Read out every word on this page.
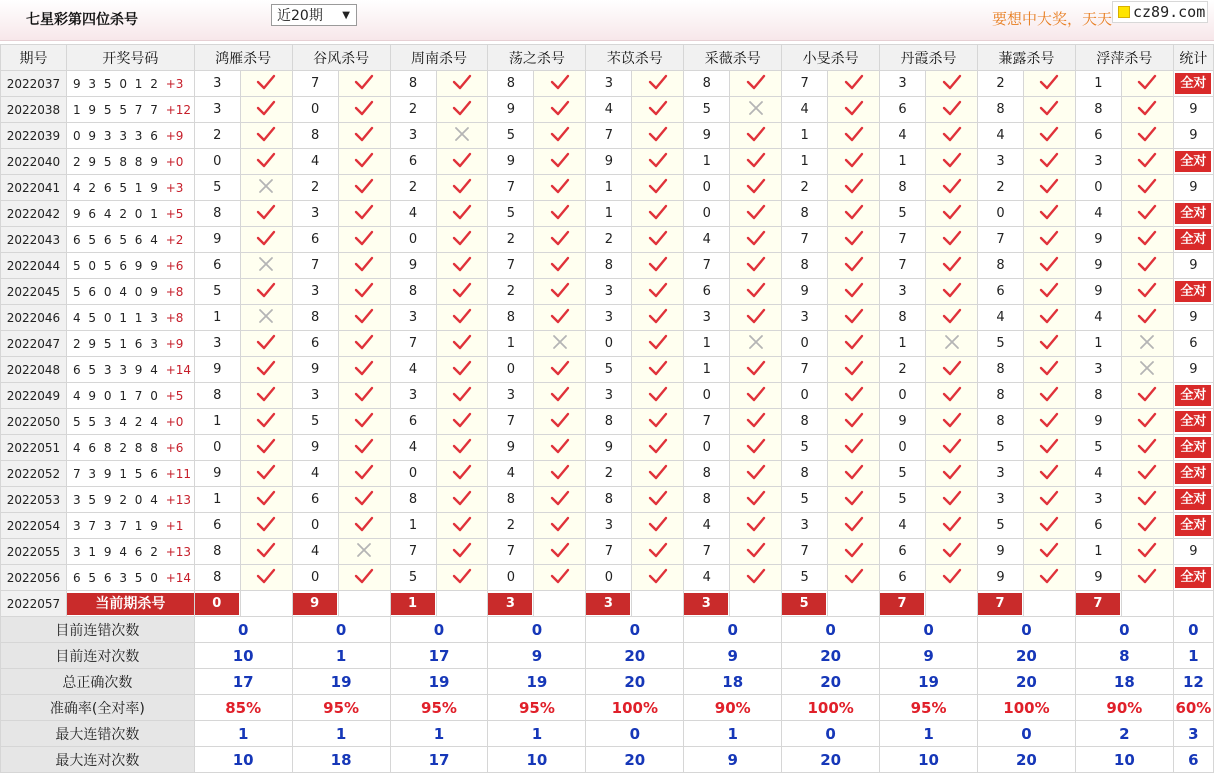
七星彩第四位杀号	近20期 ▼	要想中大奖，天天	cz89.com
期号	开奖号码	鸿雁杀号		谷风杀号		周南杀号		荡之杀号		芣苡杀号		采薇杀号		小旻杀号		丹霞杀号		蒹露杀号		浮萍杀号		统计
2022037	9 3 5 0 1 2 +3	3		7		8		8		3		8		7		3		2		1		全对
2022038	1 9 5 5 7 7 +12	3		0		2		9		4		5		4		6		8		8		9
2022039	0 9 3 3 3 6 +9	2		8		3		5		7		9		1		4		4		6		9
2022040	2 9 5 8 8 9 +0	0		4		6		9		9		1		1		1		3		3		全对
2022041	4 2 6 5 1 9 +3	5		2		2		7		1		0		2		8		2		0		9
2022042	9 6 4 2 0 1 +5	8		3		4		5		1		0		8		5		0		4		全对
2022043	6 5 6 5 6 4 +2	9		6		0		2		2		4		7		7		7		9		全对
2022044	5 0 5 6 9 9 +6	6		7		9		7		8		7		8		7		8		9		9
2022045	5 6 0 4 0 9 +8	5		3		8		2		3		6		9		3		6		9		全对
2022046	4 5 0 1 1 3 +8	1		8		3		8		3		3		3		8		4		4		9
2022047	2 9 5 1 6 3 +9	3		6		7		1		0		1		0		1		5		1		6
2022048	6 5 3 3 9 4 +14	9		9		4		0		5		1		7		2		8		3		9
2022049	4 9 0 1 7 0 +5	8		3		3		3		3		0		0		0		8		8		全对
2022050	5 5 3 4 2 4 +0	1		5		6		7		8		7		8		9		8		9		全对
2022051	4 6 8 2 8 8 +6	0		9		4		9		9		0		5		0		5		5		全对
2022052	7 3 9 1 5 6 +11	9		4		0		4		2		8		8		5		3		4		全对
2022053	3 5 9 2 0 4 +13	1		6		8		8		8		8		5		5		3		3		全对
2022054	3 7 3 7 1 9 +1	6		0		1		2		3		4		3		4		5		6		全对
2022055	3 1 9 4 6 2 +13	8		4		7		7		7		7		7		6		9		1		9
2022056	6 5 6 3 5 0 +14	8		0		5		0		0		4		5		6		9		9		全对
2022057	当前期杀号	0		9		1		3		3		3		5		7		7		7		

目前连错次数		0		0		0		0		0		0		0		0		0		0		0
目前连对次数		10		1		17		9		20		9		20		9		20		8		1
总正确次数		17		19		19		19		20		18		20		19		20		18		12
准确率(全对率)		85%		95%		95%		95%		100%		90%		100%		95%		100%		90%		60%
最大连错次数		1		1		1		1		0		1		0		1		0		2		3
最大连对次数		10		18		17		10		20		9		20		10		20		10		6
